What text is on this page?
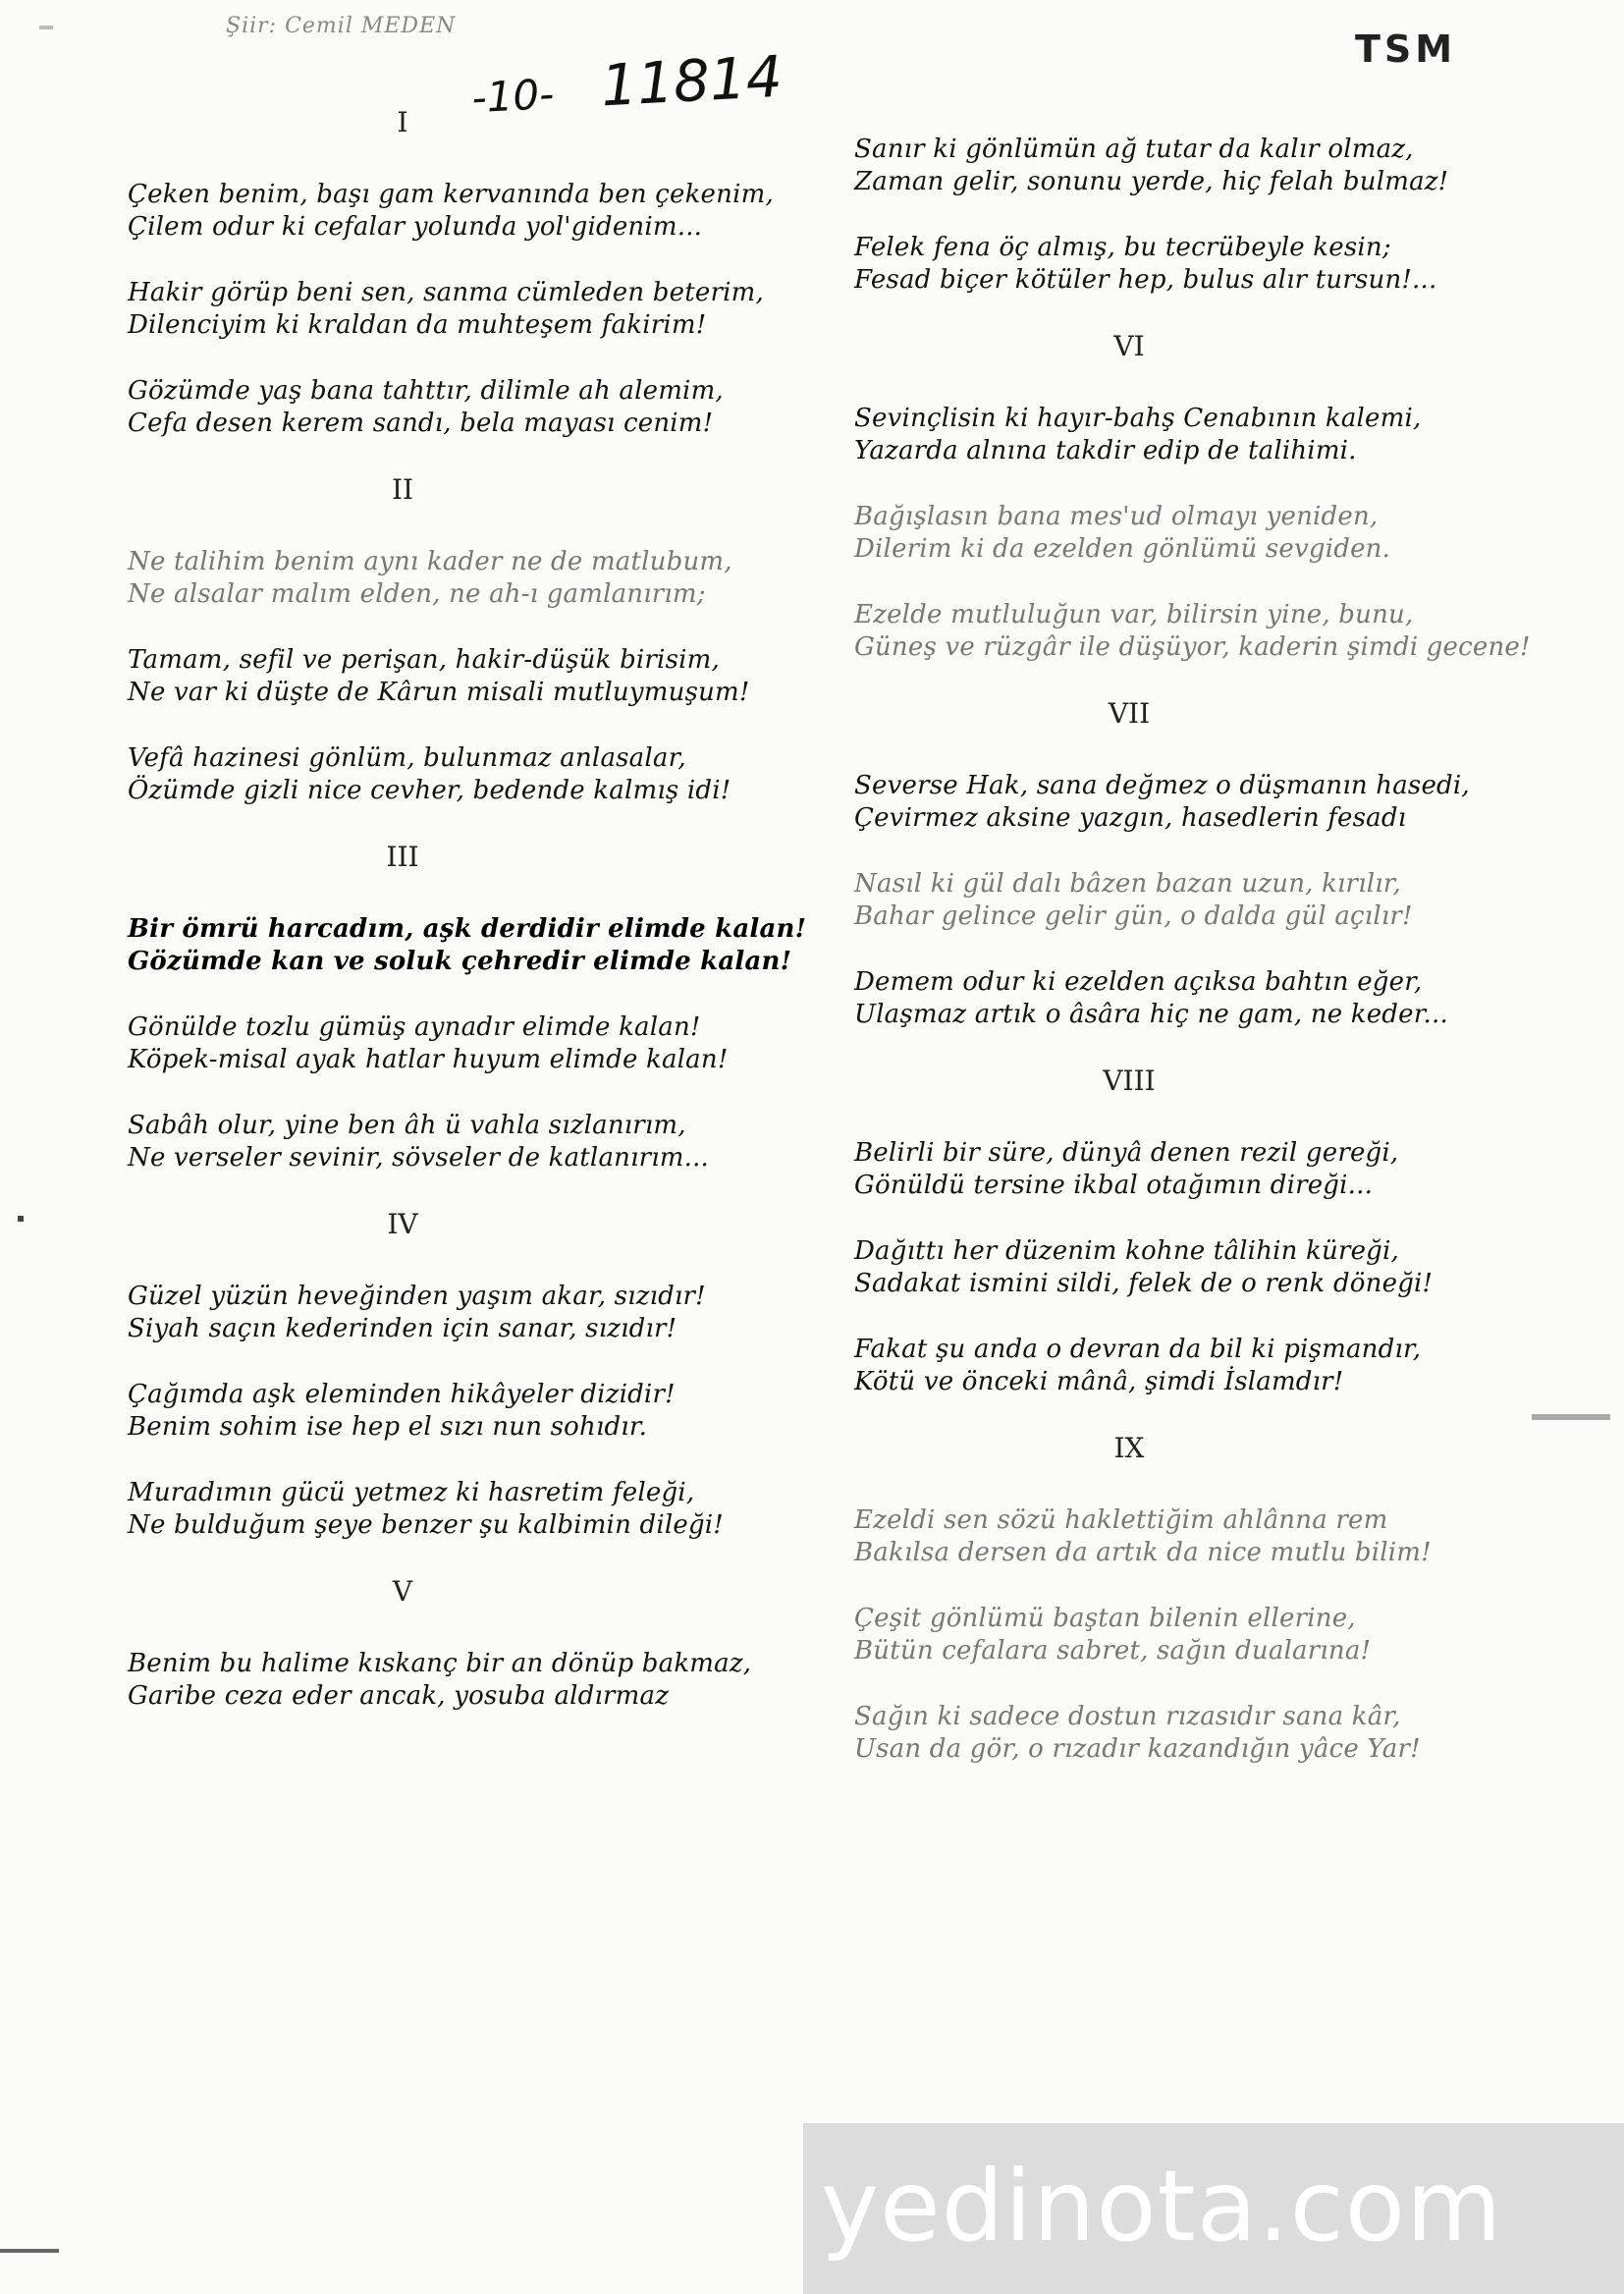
Şiir: Cemil MEDEN
TSM
-10- 11814
I
Çeken benim, başı gam kervanında ben çekenim,
Çilem odur ki cefalar yolunda yol'gidenim...
Hakir görüp beni sen, sanma cümleden beterim,
Dilenciyim ki kraldan da muhteşem fakirim!
Gözümde yaş bana tahttır, dilimle ah alemim,
Cefa desen kerem sandı, bela mayası cenim!
II
Ne talihim benim aynı kader ne de matlubum,
Ne alsalar malım elden, ne ah-ı gamlanırım;
Tamam, sefil ve perişan, hakir-düşük birisim,
Ne var ki düşte de Kârun misali mutluymuşum!
Vefâ hazinesi gönlüm, bulunmaz anlasalar,
Özümde gizli nice cevher, bedende kalmış idi!
III
Bir ömrü harcadım, aşk derdidir elimde kalan!
Gözümde kan ve soluk çehredir elimde kalan!
Gönülde tozlu gümüş aynadır elimde kalan!
Köpek-misal ayak hatlar huyum elimde kalan!
Sabâh olur, yine ben âh ü vahla sızlanırım,
Ne verseler sevinir, sövseler de katlanırım...
IV
Güzel yüzün heveğinden yaşım akar, sızıdır!
Siyah saçın kederinden için sanar, sızıdır!
Çağımda aşk eleminden hikâyeler dizidir!
Benim sohim ise hep el sızı nun sohıdır.
Muradımın gücü yetmez ki hasretim feleği,
Ne bulduğum şeye benzer şu kalbimin dileği!
V
Benim bu halime kıskanç bir an dönüp bakmaz,
Garibe ceza eder ancak, yosuba aldırmaz
Sanır ki gönlümün ağ tutar da kalır olmaz,
Zaman gelir, sonunu yerde, hiç felah bulmaz!
Felek fena öç almış, bu tecrübeyle kesin;
Fesad biçer kötüler hep, bulus alır tursun!...
VI
Sevinçlisin ki hayır-bahş Cenabının kalemi,
Yazarda alnına takdir edip de talihimi.
Bağışlasın bana mes'ud olmayı yeniden,
Dilerim ki da ezelden gönlümü sevgiden.
Ezelde mutluluğun var, bilirsin yine, bunu,
Güneş ve rüzgâr ile düşüyor, kaderin şimdi gecene!
VII
Severse Hak, sana değmez o düşmanın hasedi,
Çevirmez aksine yazgın, hasedlerin fesadı
Nasıl ki gül dalı bâzen bazan uzun, kırılır,
Bahar gelince gelir gün, o dalda gül açılır!
Demem odur ki ezelden açıksa bahtın eğer,
Ulaşmaz artık o âsâra hiç ne gam, ne keder...
VIII
Belirli bir süre, dünyâ denen rezil gereği,
Gönüldü tersine ikbal otağımın direği...
Dağıttı her düzenim kohne tâlihin küreği,
Sadakat ismini sildi, felek de o renk döneği!
Fakat şu anda o devran da bil ki pişmandır,
Kötü ve önceki mânâ, şimdi İslamdır!
IX
Ezeldi sen sözü haklettiğim ahlânna rem
Bakılsa dersen da artık da nice mutlu bilim!
Çeşit gönlümü baştan bilenin ellerine,
Bütün cefalara sabret, sağın dualarına!
Sağın ki sadece dostun rızasıdır sana kâr,
Usan da gör, o rızadır kazandığın yâce Yar!
yedinota.com
